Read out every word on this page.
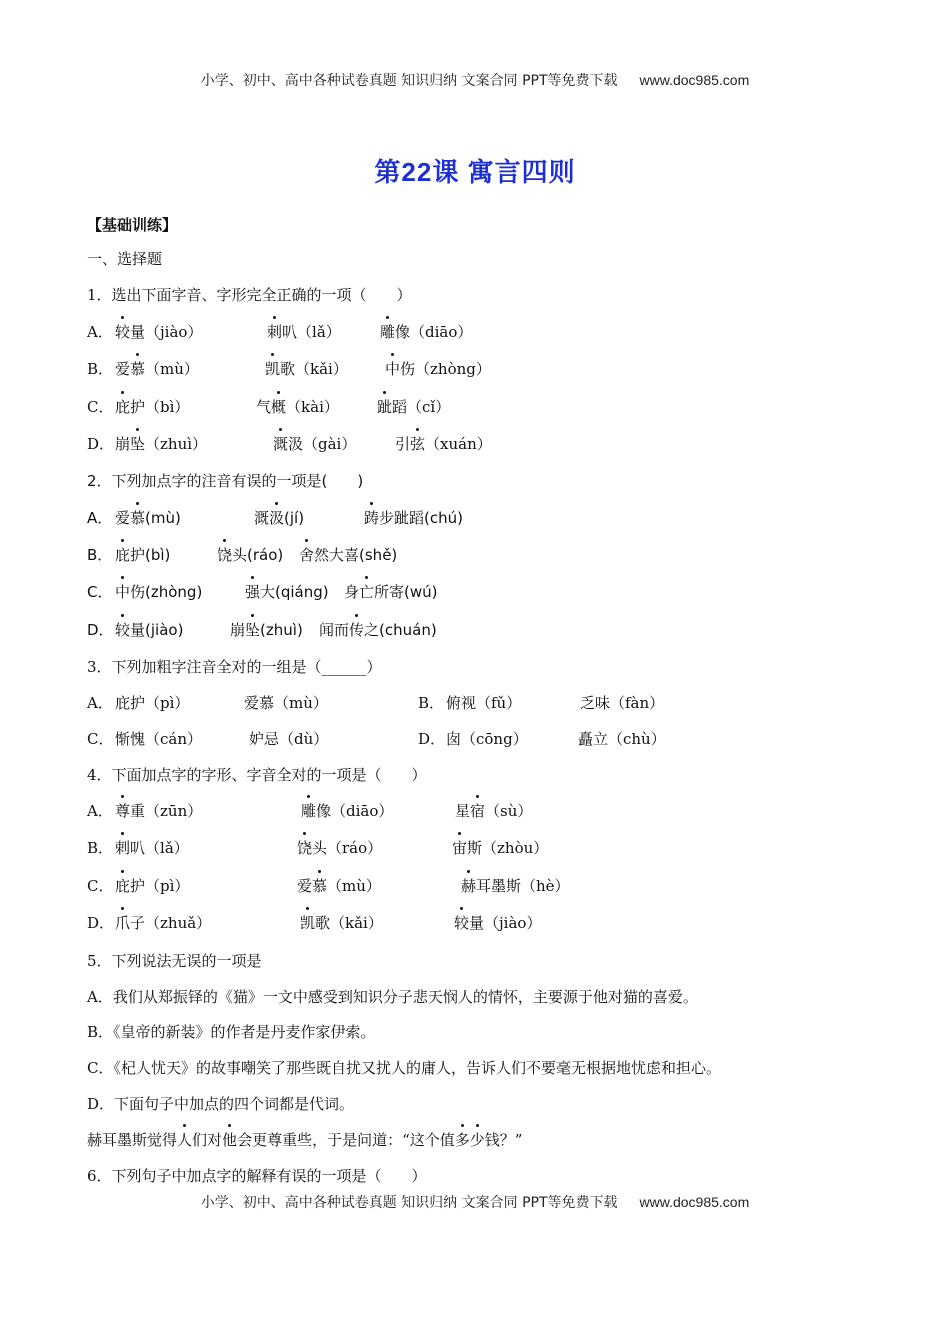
小学、初中、高中各种试卷真题 知识归纳 文案合同 PPT等免费下载 www.doc985.com
第22课 寓言四则
【基础训练】
一、选择题
1．选出下面字音、字形完全正确的一项（　　）
A． 较量（jiào）	刺叭（lǎ）	雕像（diāo）
B． 爱慕（mù）	凯歌（kǎi） 中伤（zhòng）
C． 庇护（bì）	气概（kài）	跐蹈（cǐ）
D． 崩坠（zhuì）	溉汲（gài）	引弦（xuán）
2．下列加点字的注音有误的一项是(　　)
A． 爱慕(mù)	溉汲(jí)	踌步跐蹈(chú)
B． 庇护(bì)	饶头(ráo) 舍然大喜(shě)
C． 中伤(zhòng)	强大(qiáng) 身亡所寄(wú)
D． 较量(jiào)	崩坠(zhuì) 闻而传之(chuán)
3．下列加粗字注音全对的一组是（______）
A． 庇护（pì）	爱慕（mù）	B． 俯视（fǔ）	乏味（fàn）
C． 惭愧（cán）	妒忌（dù）	D． 囱（cōng）	矗立（chù）
4．下面加点字的字形、字音全对的一项是（　　）
A． 尊重（zūn）	雕像（diāo）	星宿（sù）
B． 剌叭（lǎ）	饶头（ráo）	宙斯（zhòu）
C． 庇护（pì）	爱慕（mù）	赫耳墨斯（hè）
D． 爪子（zhuǎ）	凯歌（kǎi）	较量（jiào）
5．下列说法无误的一项是
A．我们从郑振铎的《猫》一文中感受到知识分子悲天悯人的情怀，主要源于他对猫的喜爱。
B．《皇帝的新装》的作者是丹麦作家伊索。
C．《杞人忧天》的故事嘲笑了那些既自扰又扰人的庸人，告诉人们不要毫无根据地忧虑和担心。
D．下面句子中加点的四个词都是代词。
赫耳墨斯觉得人们对他会更尊重些，于是问道：“这个值多少钱？”
6．下列句子中加点字的解释有误的一项是（　　）
小学、初中、高中各种试卷真题 知识归纳 文案合同 PPT等免费下载 www.doc985.com
